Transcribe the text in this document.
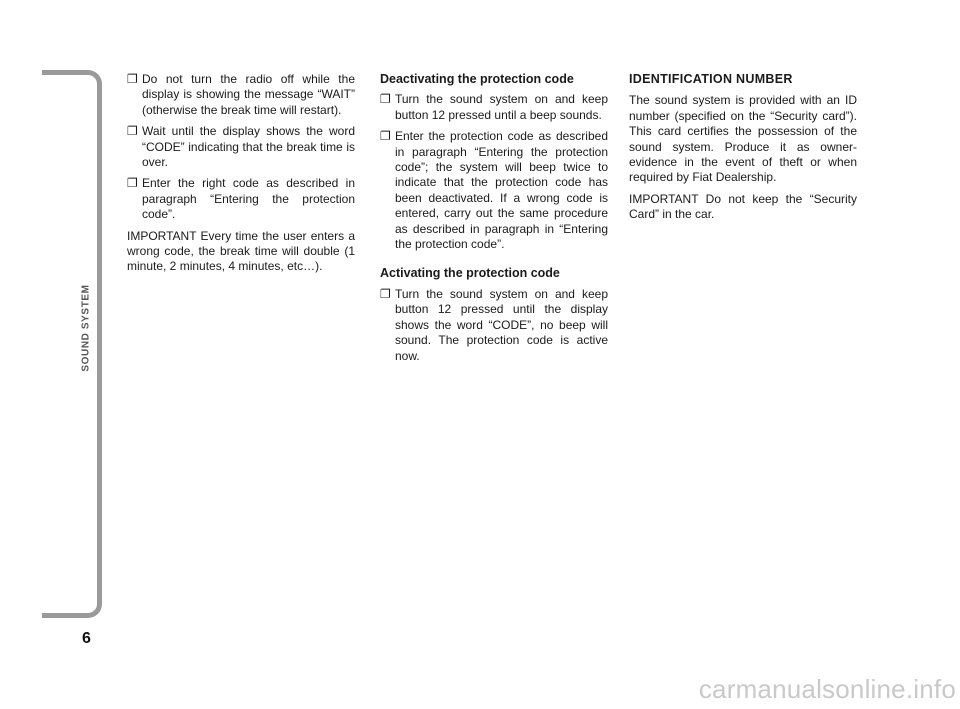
SOUND SYSTEM
6
❐ Do not turn the radio off while the display is showing the message “WAIT” (otherwise the break time will restart).
❐ Wait until the display shows the word “CODE” indicating that the break time is over.
❐ Enter the right code as described in paragraph “Entering the protection code”.

IMPORTANT Every time the user enters a wrong code, the break time will double (1 minute, 2 minutes, 4 minutes, etc…).

Deactivating the protection code
❐ Turn the sound system on and keep button 12 pressed until a beep sounds.
❐ Enter the protection code as described in paragraph “Entering the protection code”; the system will beep twice to indicate that the protection code has been deactivated. If a wrong code is entered, carry out the same procedure as described in paragraph in “Entering the protection code”.
Activating the protection code
❐ Turn the sound system on and keep button 12 pressed until the display shows the word “CODE”, no beep will sound. The protection code is active now.
IDENTIFICATION NUMBER

The sound system is provided with an ID number (specified on the “Security card”). This card certifies the possession of the sound system. Produce it as owner-evidence in the event of theft or when required by Fiat Dealership.

IMPORTANT Do not keep the “Security Card” in the car.

carmanualsonline.info
